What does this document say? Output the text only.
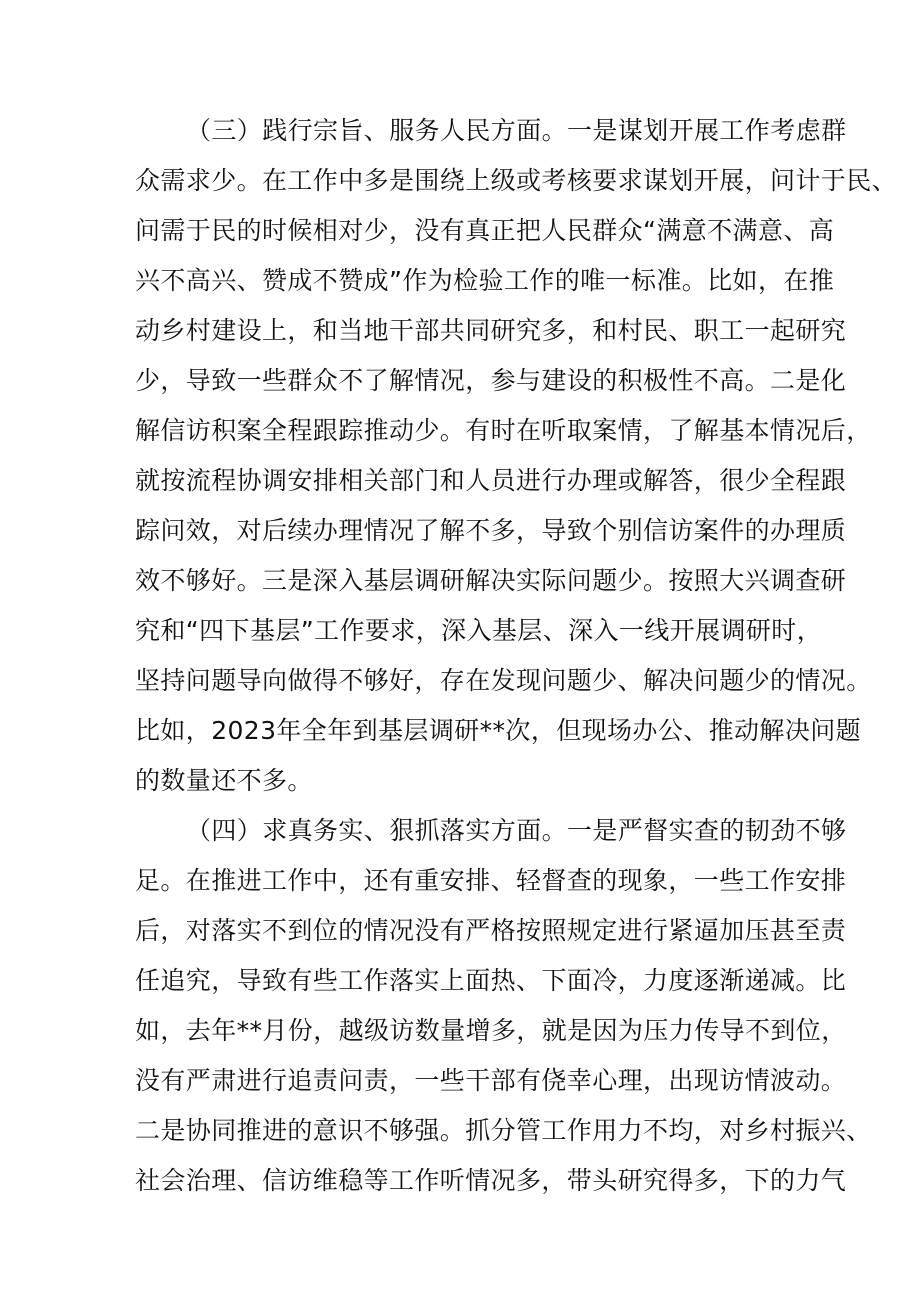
（三）践行宗旨、服务人民方面。一是谋划开展工作考虑群
众需求少。在工作中多是围绕上级或考核要求谋划开展，问计于民、
问需于民的时候相对少，没有真正把人民群众“满意不满意、高
兴不高兴、赞成不赞成”作为检验工作的唯一标准。比如，在推
动乡村建设上，和当地干部共同研究多，和村民、职工一起研究
少，导致一些群众不了解情况，参与建设的积极性不高。二是化
解信访积案全程跟踪推动少。有时在听取案情，了解基本情况后，
就按流程协调安排相关部门和人员进行办理或解答，很少全程跟
踪问效，对后续办理情况了解不多，导致个别信访案件的办理质
效不够好。三是深入基层调研解决实际问题少。按照大兴调查研
究和“四下基层”工作要求，深入基层、深入一线开展调研时，
坚持问题导向做得不够好，存在发现问题少、解决问题少的情况。
比如，2023年全年到基层调研**次，但现场办公、推动解决问题
的数量还不多。
（四）求真务实、狠抓落实方面。一是严督实查的韧劲不够
足。在推进工作中，还有重安排、轻督查的现象，一些工作安排
后，对落实不到位的情况没有严格按照规定进行紧逼加压甚至责
任追究，导致有些工作落实上面热、下面冷，力度逐渐递减。比
如，去年**月份，越级访数量增多，就是因为压力传导不到位，
没有严肃进行追责问责，一些干部有侥幸心理，出现访情波动。
二是协同推进的意识不够强。抓分管工作用力不均，对乡村振兴、
社会治理、信访维稳等工作听情况多，带头研究得多，下的力气
